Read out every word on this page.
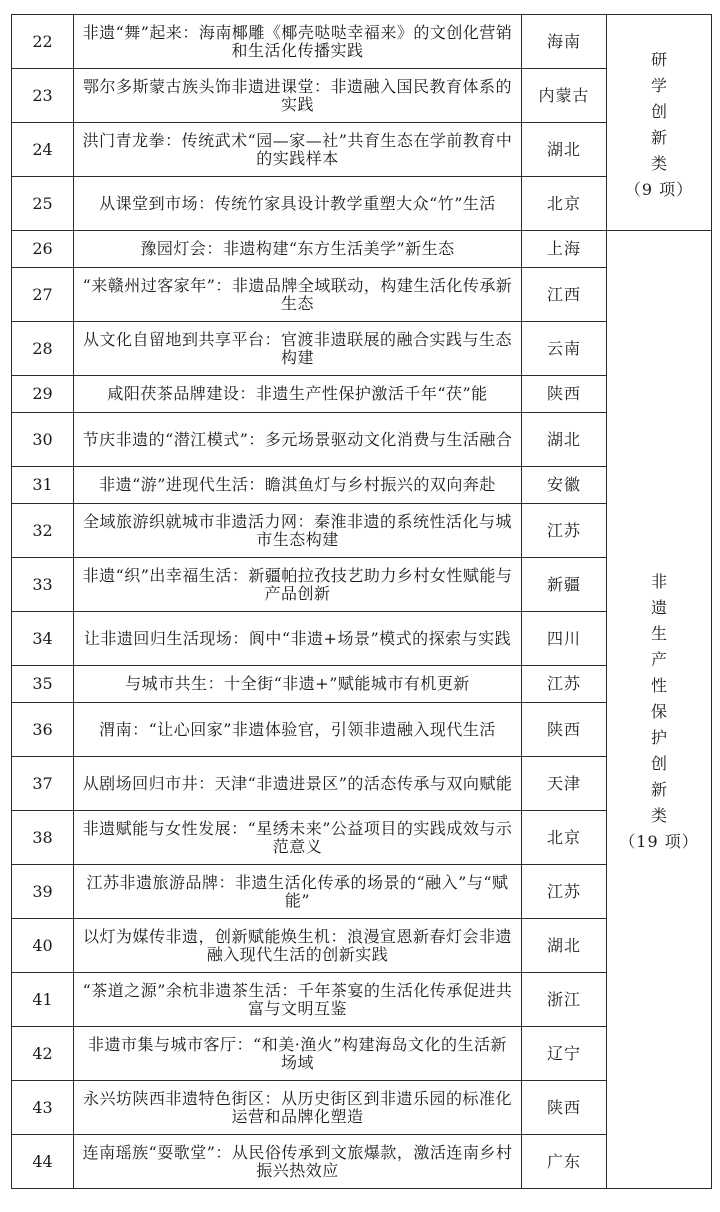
22	非遗“舞”起来：海南椰雕《椰壳哒哒幸福来》的文创化营销和生活化传播实践	海南	
研
学
创
新
类
（9 项）

23	鄂尔多斯蒙古族头饰非遗进课堂：非遗融入国民教育体系的实践	内蒙古	
24	洪门青龙拳：传统武术“园—家—社”共育生态在学前教育中的实践样本	湖北	
25	从课堂到市场：传统竹家具设计教学重塑大众“竹”生活	北京	
26	豫园灯会：非遗构建“东方生活美学”新生态	上海	
非
遗
生
产
性
保
护
创
新
类
（19 项）

27	“来赣州过客家年”：非遗品牌全域联动，构建生活化传承新生态	江西	
28	从文化自留地到共享平台：官渡非遗联展的融合实践与生态构建	云南	
29	咸阳茯茶品牌建设：非遗生产性保护激活千年“茯”能	陕西	
30	节庆非遗的“潜江模式”：多元场景驱动文化消费与生活融合	湖北	
31	非遗“游”进现代生活：瞻淇鱼灯与乡村振兴的双向奔赴	安徽	
32	全域旅游织就城市非遗活力网：秦淮非遗的系统性活化与城市生态构建	江苏	
33	非遗“织”出幸福生活：新疆帕拉孜技艺助力乡村女性赋能与产品创新	新疆	
34	让非遗回归生活现场：阆中“非遗+场景”模式的探索与实践	四川	
35	与城市共生：十全街“非遗+”赋能城市有机更新	江苏	
36	渭南：“让心回家”非遗体验官，引领非遗融入现代生活	陕西	
37	从剧场回归市井：天津“非遗进景区”的活态传承与双向赋能	天津	
38	非遗赋能与女性发展：“星绣未来”公益项目的实践成效与示范意义	北京	
39	江苏非遗旅游品牌：非遗生活化传承的场景的“融入”与“赋能”	江苏	
40	以灯为媒传非遗，创新赋能焕生机：浪漫宣恩新春灯会非遗融入现代生活的创新实践	湖北	
41	“茶道之源”余杭非遗茶生活：千年茶宴的生活化传承促进共富与文明互鉴	浙江	
42	非遗市集与城市客厅：“和美·渔火”构建海岛文化的生活新场域	辽宁	
43	永兴坊陕西非遗特色街区：从历史街区到非遗乐园的标准化运营和品牌化塑造	陕西	
44	连南瑶族“耍歌堂”：从民俗传承到文旅爆款，激活连南乡村振兴热效应	广东	
